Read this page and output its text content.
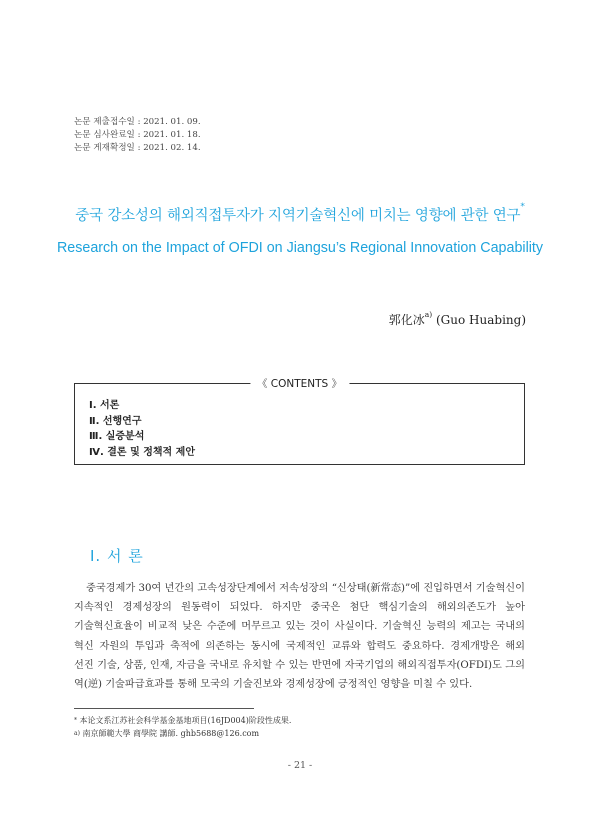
논문 제출접수일 : 2021. 01. 09.
논문 심사완료일 : 2021. 01. 18.
논문 게재확정일 : 2021. 02. 14.
중국 강소성의 해외직접투자가 지역기술혁신에 미치는 영향에 관한 연구*
Research on the Impact of OFDI on Jiangsu’s Regional Innovation Capability
郭化冰$^{a)}$ (Guo Huabing)
《 CONTENTS 》
Ⅰ. 서론
Ⅱ. 선행연구
Ⅲ. 실증분석
Ⅳ. 결론 및 정책적 제안
Ⅰ. 서 론
중국경제가 30여 년간의 고속성장단계에서 저속성장의 “신상태(新常态)”에 진입하면서 기술혁신이
지속적인 경제성장의 원동력이 되었다. 하지만 중국은 첨단 핵심기술의 해외의존도가 높아
기술혁신효율이 비교적 낮은 수준에 머무르고 있는 것이 사실이다. 기술혁신 능력의 제고는 국내의
혁신 자원의 투입과 축적에 의존하는 동시에 국제적인 교류와 합력도 중요하다. 경제개방은 해외
선진 기술, 상품, 인재, 자금을 국내로 유치할 수 있는 반면에 자국기업의 해외직접투자(OFDI)도 그의
역(逆) 기술파급효과를 통해 모국의 기술진보와 경제성장에 긍정적인 영향을 미칠 수 있다.
* 本论文系江苏社会科学基金基地项目(16JD004)阶段性成果.
$^{a)}$ 南京師範大學 商學院 講師. ghb5688@126.com
- 21 -
